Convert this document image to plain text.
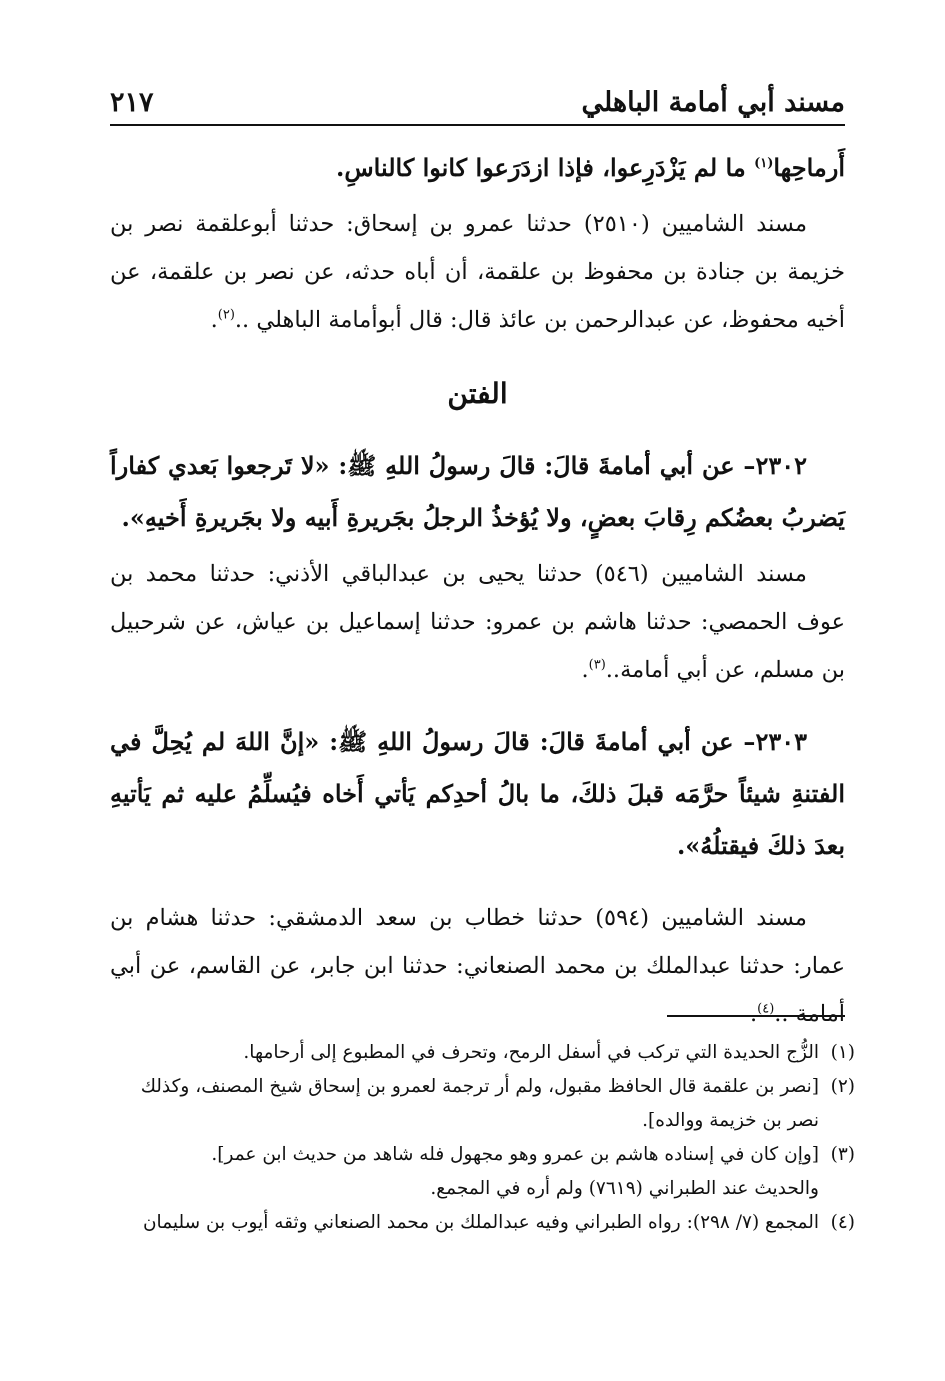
مسند أبي أمامة الباهلي
٢١٧

أَرماحِها$^{(١)}$ ما لم يَزْدَرِعوا، فإذا ازدَرَعوا كانوا كالناسِ.

مسند الشاميين (٢٥١٠) حدثنا عمرو بن إسحاق: حدثنا أبوعلقمة نصر بن خزيمة بن جنادة بن محفوظ بن علقمة، أن أباه حدثه، عن نصر بن علقمة، عن أخيه محفوظ، عن عبدالرحمن بن عائذ قال: قال أبوأمامة الباهلي ..$^{(٢)}$.

الفتن

٢٣٠٢– عن أبي أمامةَ قالَ: قالَ رسولُ اللهِ ﷺ: «لا تَرجعوا بَعدي كفاراً يَضربُ بعضُكم رِقابَ بعضٍ، ولا يُؤخذُ الرجلُ بجَريرةِ أَبيه ولا بجَريرةِ أَخيهِ».

مسند الشاميين (٥٤٦) حدثنا يحيى بن عبدالباقي الأذني: حدثنا محمد بن عوف الحمصي: حدثنا هاشم بن عمرو: حدثنا إسماعيل بن عياش، عن شرحبيل بن مسلم، عن أبي أمامة..$^{(٣)}$.

٢٣٠٣– عن أبي أمامةَ قالَ: قالَ رسولُ اللهِ ﷺ: «إنَّ اللهَ لم يُحِلَّ في الفتنةِ شيئاً حرَّمَه قبلَ ذلكَ، ما بالُ أحدِكم يَأتي أَخاه فيُسلِّمُ عليه ثم يَأتيهِ بعدَ ذلكَ فيقتلُهُ».

مسند الشاميين (٥٩٤) حدثنا خطاب بن سعد الدمشقي: حدثنا هشام بن عمار: حدثنا عبدالملك بن محمد الصنعاني: حدثنا ابن جابر، عن القاسم، عن أبي أمامة ..$^{(٤)}$.

(١)
الزُّج الحديدة التي تركب في أسفل الرمح، وتحرف في المطبوع إلى أرحامها.
(٢)
[نصر بن علقمة قال الحافظ مقبول، ولم أر ترجمة لعمرو بن إسحاق شيخ المصنف، وكذلك
نصر بن خزيمة ووالده].
(٣)
[وإن كان في إسناده هاشم بن عمرو وهو مجهول فله شاهد من حديث ابن عمر].
والحديث عند الطبراني (٧٦١٩) ولم أره في المجمع.
(٤)
المجمع (٧/ ٢٩٨): رواه الطبراني وفيه عبدالملك بن محمد الصنعاني وثقه أيوب بن سليمان
